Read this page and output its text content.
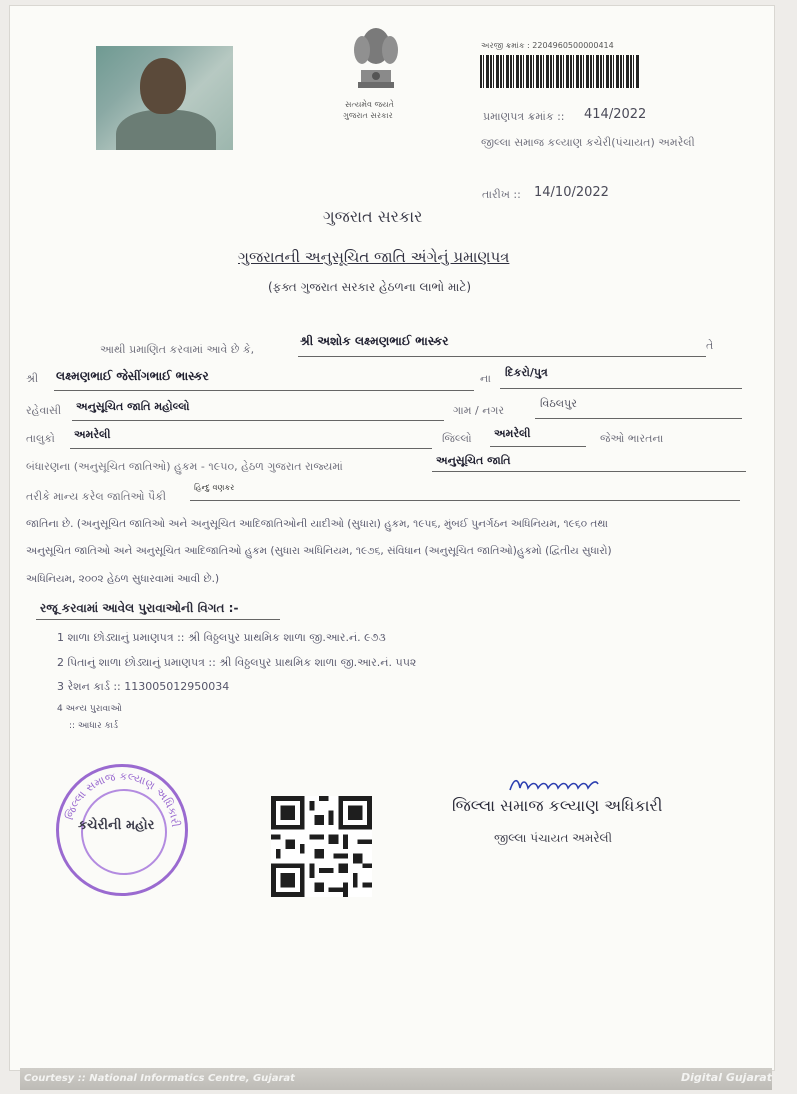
સત્યમેવ જયતે
ગુજરાત સરકાર
અરજી ક્રમાંક : 2204960500000414
પ્રમાણપત્ર ક્રમાંક :: 414/2022
જીલ્લા સમાજ કલ્યાણ કચેરી(પંચાયત) અમરેલી
તારીખ :: 14/10/2022
ગુજરાત સરકાર
ગુજરાતની અનુસૂચિત જાતિ અંગેનું પ્રમાણપત્ર
(ફક્ત ગુજરાત સરકાર હેઠળના લાભો માટે)
આથી પ્રમાણિત કરવામાં આવે છે કે,
શ્રી અશોક લક્ષ્મણભાઈ ભાસ્કર	તે
શ્રી લક્ષ્મણભાઈ જેસીંગભાઈ ભાસ્કર	ના દિકરો/પુત્ર
રહેવાસી અનુસૂચિત જાતિ મહોલ્લો	ગામ / નગર
વિઠલપુર
તાલુકો અમરેલી	જિલ્લો અમરેલી	જેઓ ભારતના
બંધારણના (અનુસૂચિત જાતિઓ) હુકમ - ૧૯૫૦, હેઠળ ગુજરાત રાજ્યમાં	અનુસૂચિત જાતિ
તરીકે માન્ય કરેલ જાતિઓ પૈકી
હિન્દુ વણકર
જાતિના છે. (અનુસૂચિત જાતિઓ અને અનુસૂચિત આદિજાતિઓની યાદીઓ (સુધારા) હુકમ, ૧૯૫૬, મુંબઈ પુનર્ગઠન અધિનિયમ, ૧૯૬૦ તથા
અનુસૂચિત જાતિઓ અને અનુસૂચિત આદિજાતિઓ હુકમ (સુધારા અધિનિયમ, ૧૯૭૬, સંવિધાન (અનુસૂચિત જાતિઓ)હુકમો (દ્વિતીય સુધારો)
અધિનિયમ, ૨૦૦૨ હેઠળ સુધારવામાં આવી છે.)
રજૂ કરવામાં આવેલ પુરાવાઓની વિગત :-
1 શાળા છોડ્યાનું પ્રમાણપત્ર :: શ્રી વિઠ્ઠલપુર પ્રાથમિક શાળા જી.આર.નં. ૯૭૩
2 પિતાનું શાળા છોડ્યાનું પ્રમાણપત્ર :: શ્રી વિઠ્ઠલપુર પ્રાથમિક શાળા જી.આર.નં. ૫૫૨
3 રેશન કાર્ડ :: 113005012950034
4 અન્ય પુરાવાઓ
:: આધાર કાર્ડ
જિલ્લા સમાજ કલ્યાણ અધિકારી
કચેરીની મહોર
જિલ્લા સમાજ કલ્યાણ અધિકારી
જીલ્લા પંચાયત અમરેલી
Courtesy :: National Informatics Centre, Gujarat	Digital Gujarat
